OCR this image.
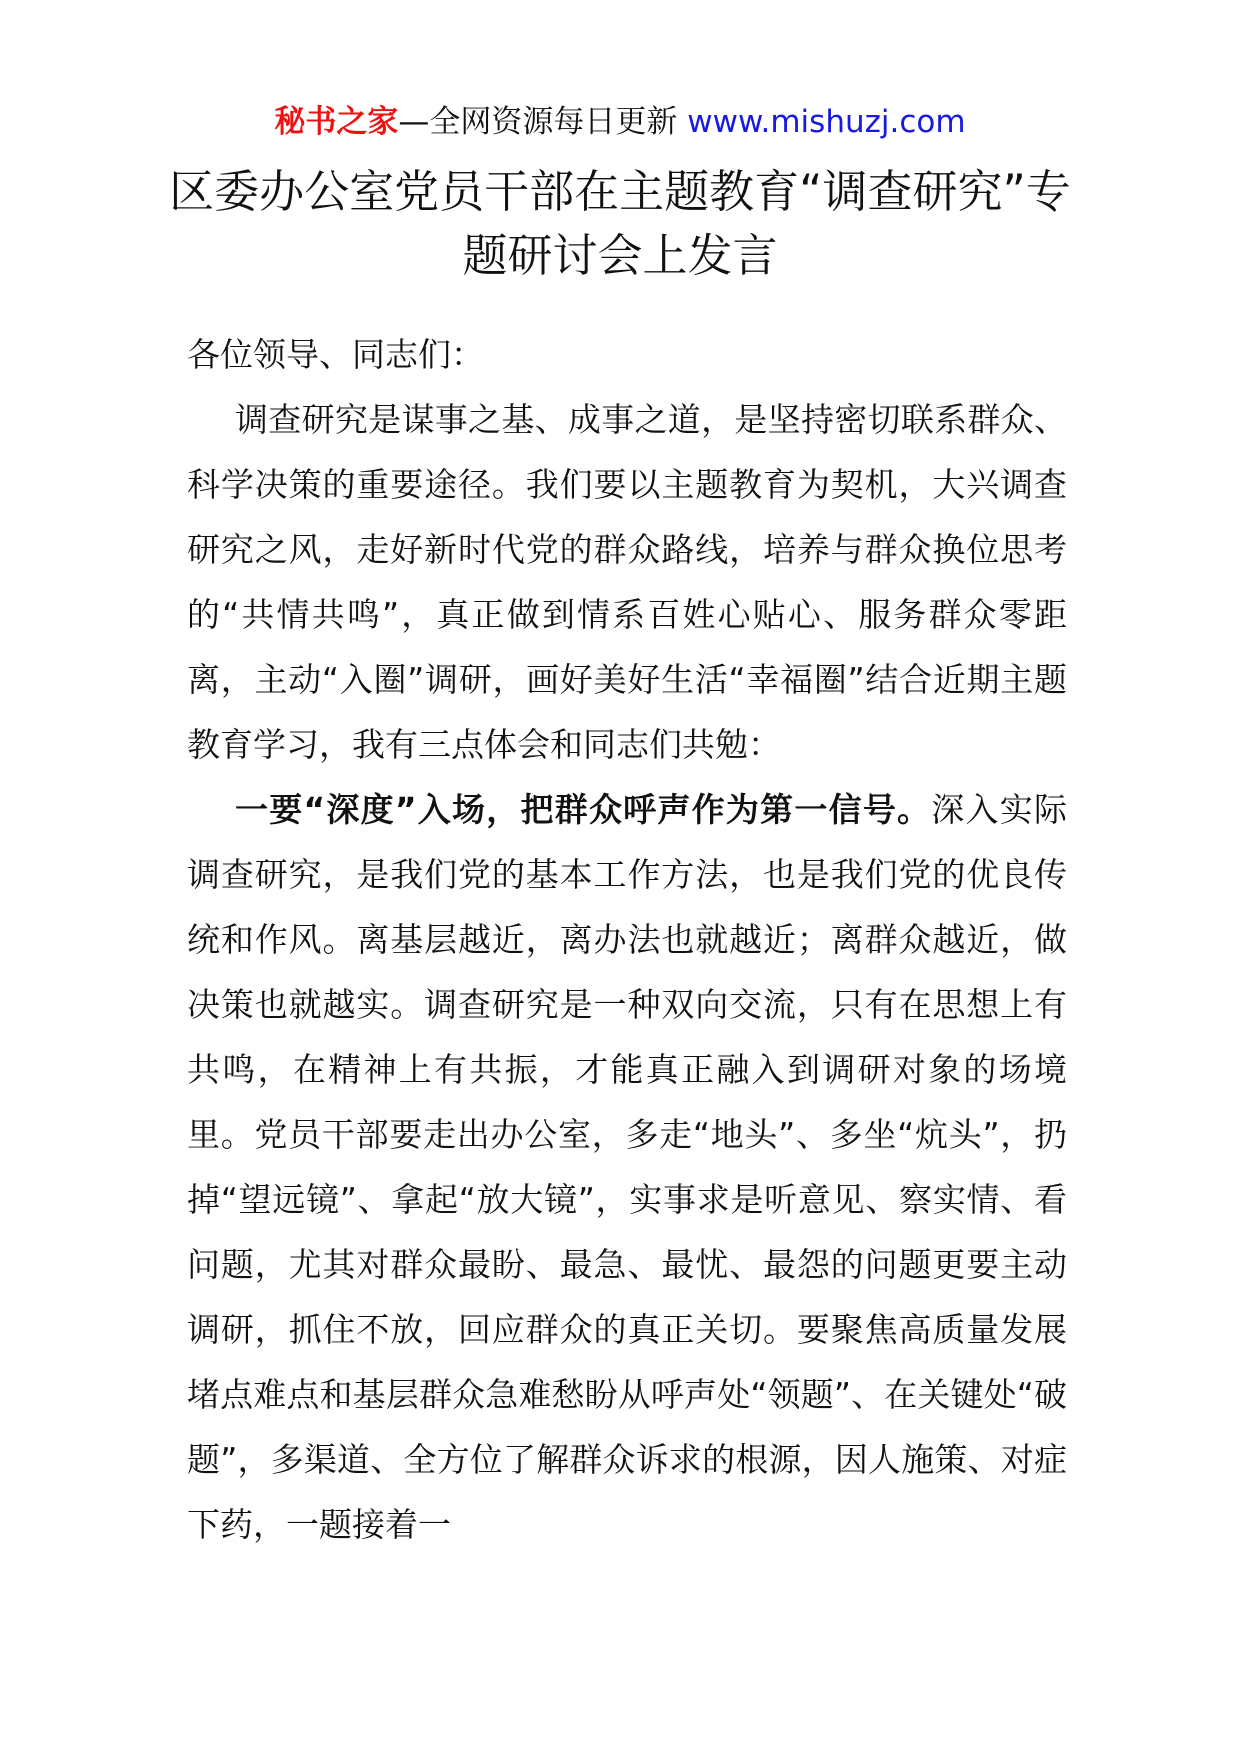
秘书之家—全网资源每日更新 www.mishuzj.com
区委办公室党员干部在主题教育“调查研究”专题研讨会上发言

各位领导、同志们：

调查研究是谋事之基、成事之道，是坚持密切联系群众、科学决策的重要途径。我们要以主题教育为契机，大兴调查研究之风，走好新时代党的群众路线，培养与群众换位思考的“共情共鸣”，真正做到情系百姓心贴心、服务群众零距离，主动“入圈”调研，画好美好生活“幸福圈”结合近期主题教育学习，我有三点体会和同志们共勉：

一要“深度”入场，把群众呼声作为第一信号。深入实际调查研究，是我们党的基本工作方法，也是我们党的优良传统和作风。离基层越近，离办法也就越近；离群众越近，做决策也就越实。调查研究是一种双向交流，只有在思想上有共鸣，在精神上有共振，才能真正融入到调研对象的场境里。党员干部要走出办公室，多走“地头”、多坐“炕头”，扔掉“望远镜”、拿起“放大镜”，实事求是听意见、察实情、看问题，尤其对群众最盼、最急、最忧、最怨的问题更要主动调研，抓住不放，回应群众的真正关切。要聚焦高质量发展堵点难点和基层群众急难愁盼从呼声处“领题”、在关键处“破题”，多渠道、全方位了解群众诉求的根源，因人施策、对症下药，一题接着一
